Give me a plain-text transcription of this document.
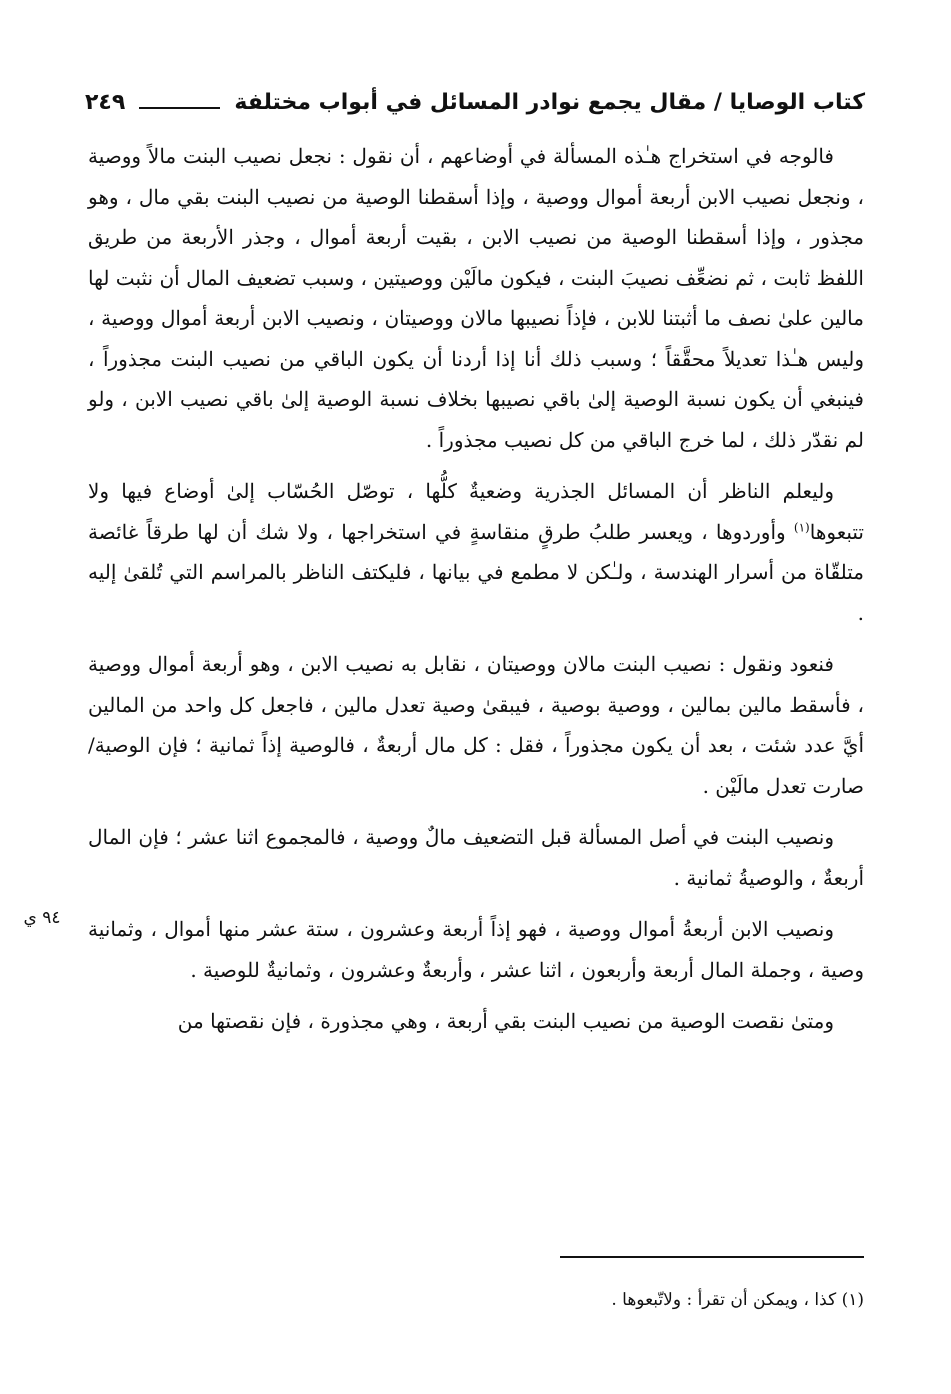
كتاب الوصايا / مقال يجمع نوادر المسائل في أبواب مختلفة
٢٤٩

فالوجه في استخراج هـٰذه المسألة في أوضاعهم ، أن نقول : نجعل نصيب البنت مالاً ووصية ، ونجعل نصيب الابن أربعة أموال ووصية ، وإذا أسقطنا الوصية من نصيب البنت بقي مال ، وهو مجذور ، وإذا أسقطنا الوصية من نصيب الابن ، بقيت أربعة أموال ، وجذر الأربعة من طريق اللفظ ثابت ، ثم نضعِّف نصيبَ البنت ، فيكون مالَيْن ووصيتين ، وسبب تضعيف المال أن نثبت لها مالين علىٰ نصف ما أثبتنا للابن ، فإذاً نصيبها مالان ووصيتان ، ونصيب الابن أربعة أموال ووصية ، وليس هـٰذا تعديلاً محقَّقاً ؛ وسبب ذلك أنا إذا أردنا أن يكون الباقي من نصيب البنت مجذوراً ، فينبغي أن يكون نسبة الوصية إلىٰ باقي نصيبها بخلاف نسبة الوصية إلىٰ باقي نصيب الابن ، ولو لم نقدّر ذلك ، لما خرج الباقي من كل نصيب مجذوراً .

وليعلم الناظر أن المسائل الجذرية وضعيةٌ كلُّها ، توصّل الحُسّاب إلىٰ أوضاع فيها ولا تتبعوها$^{(١)}$ وأوردوها ، ويعسر طلبُ طرقٍ منقاسةٍ في استخراجها ، ولا شك أن لها طرقاً غائصة متلقّاة من أسرار الهندسة ، ولـٰكن لا مطمع في بيانها ، فليكتف الناظر بالمراسم التي تُلقىٰ إليه .

فنعود ونقول : نصيب البنت مالان ووصيتان ، نقابل به نصيب الابن ، وهو أربعة أموال ووصية ، فأسقط مالين بمالين ، ووصية بوصية ، فيبقىٰ وصية تعدل مالين ، فاجعل كل واحد من المالين أيَّ عدد شئت ، بعد أن يكون مجذوراً ، فقل : كل مال أربعةٌ ، فالوصية إذاً ثمانية ؛ فإن الوصية/ صارت تعدل مالَيْن .

ونصيب البنت في أصل المسألة قبل التضعيف مالٌ ووصية ، فالمجموع اثنا عشر ؛ فإن المال أربعةٌ ، والوصيةُ ثمانية .

ونصيب الابن أربعةُ أموال ووصية ، فهو إذاً أربعة وعشرون ، ستة عشر منها أموال ، وثمانية وصية ، وجملة المال أربعة وأربعون ، اثنا عشر ، وأربعةٌ وعشرون ، وثمانيةٌ للوصية .

ومتىٰ نقصت الوصية من نصيب البنت بقي أربعة ، وهي مجذورة ، فإن نقصتها من

٩٤ ي
(١) كذا ، ويمكن أن تقرأ : ولاتّبعوها .
